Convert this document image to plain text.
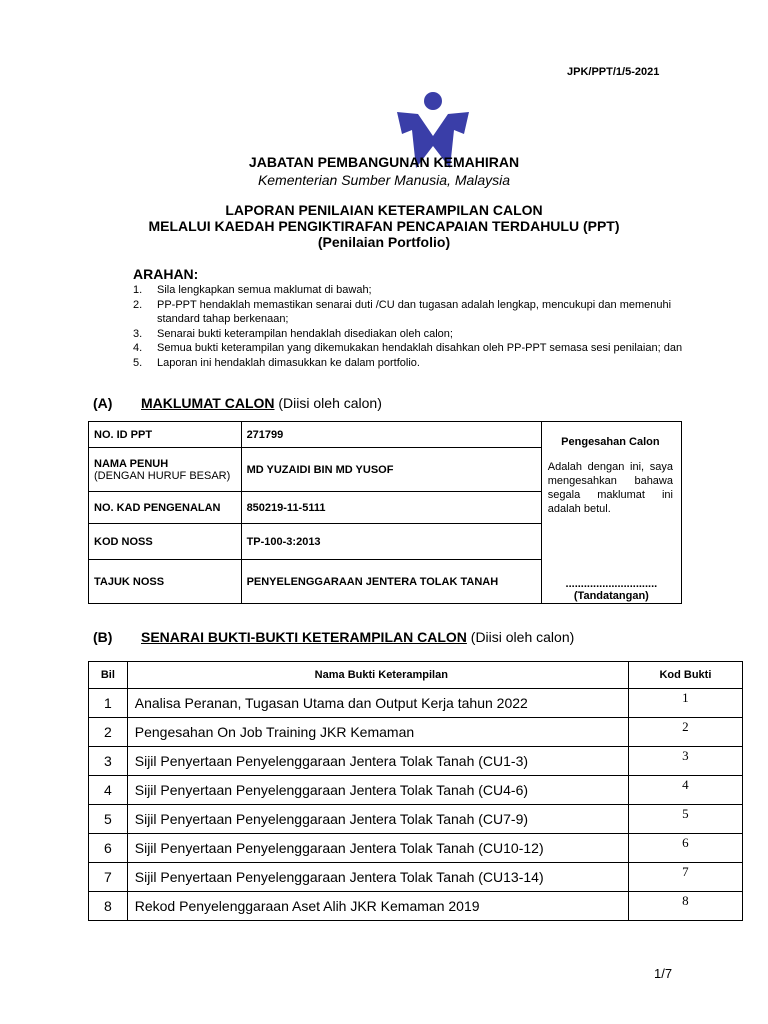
JPK/PPT/1/5-2021
JABATAN PEMBANGUNAN KEMAHIRAN
Kementerian Sumber Manusia, Malaysia
LAPORAN PENILAIAN KETERAMPILAN CALON
MELALUI KAEDAH PENGIKTIRAFAN PENCAPAIAN TERDAHULU (PPT)
(Penilaian Portfolio)
ARAHAN:
1.	Sila lengkapkan semua maklumat di bawah;
2.	PP-PPT hendaklah memastikan senarai duti /CU dan tugasan adalah lengkap, mencukupi dan memenuhi standard tahap berkenaan;
3.	Senarai bukti keterampilan hendaklah disediakan oleh calon;
4.	Semua bukti keterampilan yang dikemukakan hendaklah disahkan oleh PP-PPT semasa sesi penilaian; dan
5.	Laporan ini hendaklah dimasukkan ke dalam portfolio.
(A) MAKLUMAT CALON (Diisi oleh calon)
NO. ID PPT	271799	Pengesahan Calon
Adalah dengan ini, saya mengesahkan bahawa segala maklumat ini adalah betul.
..............................
(Tandatangan)

NAMA PENUH
(DENGAN HURUF BESAR)	MD YUZAIDI BIN MD YUSOF	
NO. KAD PENGENALAN	850219-11-5111	
KOD NOSS	TP-100-3:2013	
TAJUK NOSS	PENYELENGGARAAN JENTERA TOLAK TANAH	
(B) SENARAI BUKTI-BUKTI KETERAMPILAN CALON (Diisi oleh calon)
Bil	Nama Bukti Keterampilan	Kod Bukti
1	Analisa Peranan, Tugasan Utama dan Output Kerja tahun 2022	1
2	Pengesahan On Job Training JKR Kemaman	2
3	Sijil Penyertaan Penyelenggaraan Jentera Tolak Tanah (CU1-3)	3
4	Sijil Penyertaan Penyelenggaraan Jentera Tolak Tanah (CU4-6)	4
5	Sijil Penyertaan Penyelenggaraan Jentera Tolak Tanah (CU7-9)	5
6	Sijil Penyertaan Penyelenggaraan Jentera Tolak Tanah (CU10-12)	6
7	Sijil Penyertaan Penyelenggaraan Jentera Tolak Tanah (CU13-14)	7
8	Rekod Penyelenggaraan Aset Alih JKR Kemaman 2019	8
1/7
